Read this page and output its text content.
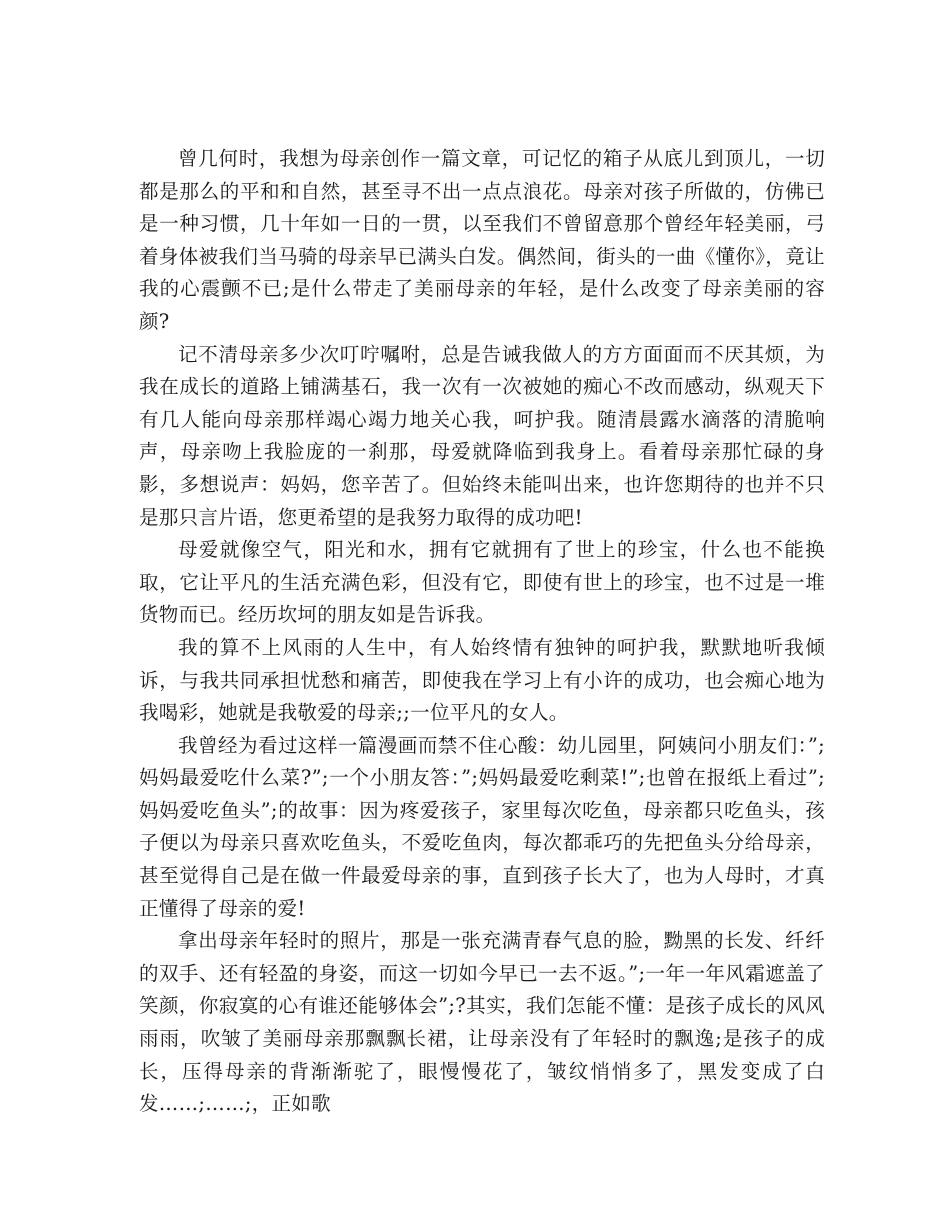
曾几何时，我想为母亲创作一篇文章，可记忆的箱子从底儿到顶儿，一切都是那么的平和和自然，甚至寻不出一点点浪花。母亲对孩子所做的，仿佛已是一种习惯，几十年如一日的一贯，以至我们不曾留意那个曾经年轻美丽，弓着身体被我们当马骑的母亲早已满头白发。偶然间，街头的一曲《懂你》，竟让我的心震颤不已;是什么带走了美丽母亲的年轻，是什么改变了母亲美丽的容颜?

记不清母亲多少次叮咛嘱咐，总是告诫我做人的方方面面而不厌其烦，为我在成长的道路上铺满基石，我一次有一次被她的痴心不改而感动，纵观天下有几人能向母亲那样竭心竭力地关心我，呵护我。随清晨露水滴落的清脆响声，母亲吻上我脸庞的一刹那，母爱就降临到我身上。看着母亲那忙碌的身影，多想说声：妈妈，您辛苦了。但始终未能叫出来，也许您期待的也并不只是那只言片语，您更希望的是我努力取得的成功吧!

母爱就像空气，阳光和水，拥有它就拥有了世上的珍宝，什么也不能换取，它让平凡的生活充满色彩，但没有它，即使有世上的珍宝，也不过是一堆货物而已。经历坎坷的朋友如是告诉我。

我的算不上风雨的人生中，有人始终情有独钟的呵护我，默默地听我倾诉，与我共同承担忧愁和痛苦，即使我在学习上有小许的成功，也会痴心地为我喝彩，她就是我敬爱的母亲;;一位平凡的女人。

我曾经为看过这样一篇漫画而禁不住心酸：幼儿园里，阿姨问小朋友们：”;妈妈最爱吃什么菜?”;一个小朋友答：”;妈妈最爱吃剩菜!”;也曾在报纸上看过”;妈妈爱吃鱼头”;的故事：因为疼爱孩子，家里每次吃鱼，母亲都只吃鱼头，孩子便以为母亲只喜欢吃鱼头，不爱吃鱼肉，每次都乖巧的先把鱼头分给母亲，甚至觉得自己是在做一件最爱母亲的事，直到孩子长大了，也为人母时，才真正懂得了母亲的爱!

拿出母亲年轻时的照片，那是一张充满青春气息的脸，黝黑的长发、纤纤的双手、还有轻盈的身姿，而这一切如今早已一去不返。”;一年一年风霜遮盖了笑颜，你寂寞的心有谁还能够体会”;?其实，我们怎能不懂：是孩子成长的风风雨雨，吹皱了美丽母亲那飘飘长裙，让母亲没有了年轻时的飘逸;是孩子的成长，压得母亲的背渐渐驼了，眼慢慢花了，皱纹悄悄多了，黑发变成了白发……;……;，正如歌
